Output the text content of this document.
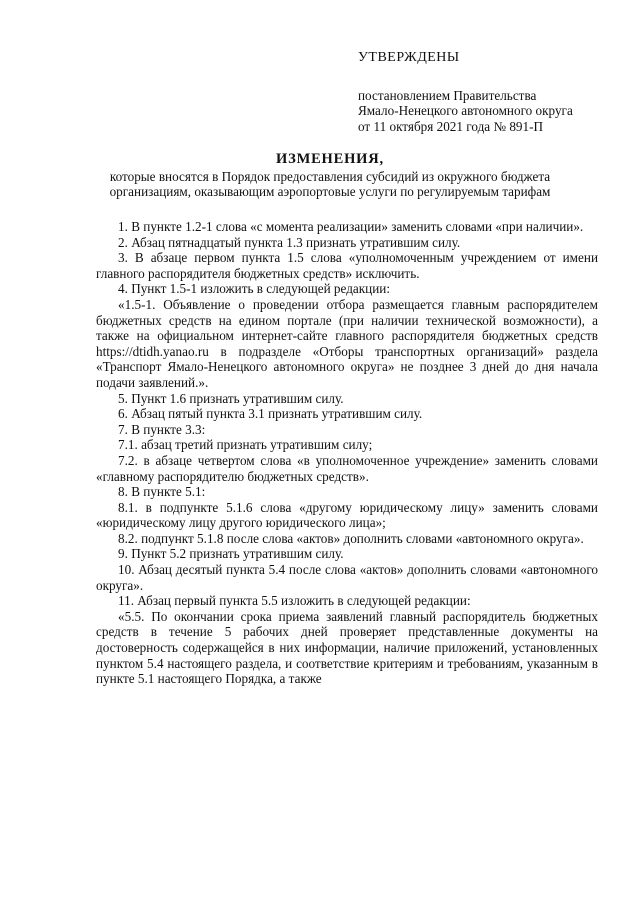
УТВЕРЖДЕНЫ
постановлением Правительства
Ямало-Ненецкого автономного округа
от 11 октября 2021 года № 891-П
ИЗМЕНЕНИЯ,
которые вносятся в Порядок предоставления субсидий из окружного бюджета
организациям, оказывающим аэропортовые услуги по регулируемым тарифам

1. В пункте 1.2-1 слова «с момента реализации» заменить словами «при наличии».

2. Абзац пятнадцатый пункта 1.3 признать утратившим силу.

3. В абзаце первом пункта 1.5 слова «уполномоченным учреждением от имени главного распорядителя бюджетных средств» исключить.

4. Пункт 1.5-1 изложить в следующей редакции:

«1.5-1. Объявление о проведении отбора размещается главным распорядителем бюджетных средств на едином портале (при наличии технической возможности), а также на официальном интернет-сайте главного распорядителя бюджетных средств https://dtidh.yanao.ru в подразделе «Отборы транспортных организаций» раздела «Транспорт Ямало-Ненецкого автономного округа» не позднее 3 дней до дня начала подачи заявлений.».

5. Пункт 1.6 признать утратившим силу.

6. Абзац пятый пункта 3.1 признать утратившим силу.

7. В пункте 3.3:

7.1. абзац третий признать утратившим силу;

7.2. в абзаце четвертом слова «в уполномоченное учреждение» заменить словами «главному распорядителю бюджетных средств».

8. В пункте 5.1:

8.1. в подпункте 5.1.6 слова «другому юридическому лицу» заменить словами «юридическому лицу другого юридического лица»;

8.2. подпункт 5.1.8 после слова «актов» дополнить словами «автономного округа».

9. Пункт 5.2 признать утратившим силу.

10. Абзац десятый пункта 5.4 после слова «актов» дополнить словами «автономного округа».

11. Абзац первый пункта 5.5 изложить в следующей редакции:

«5.5. По окончании срока приема заявлений главный распорядитель бюджетных средств в течение 5 рабочих дней проверяет представленные документы на достоверность содержащейся в них информации, наличие приложений, установленных пунктом 5.4 настоящего раздела, и соответствие критериям и требованиям, указанным в пункте 5.1 настоящего Порядка, а также
